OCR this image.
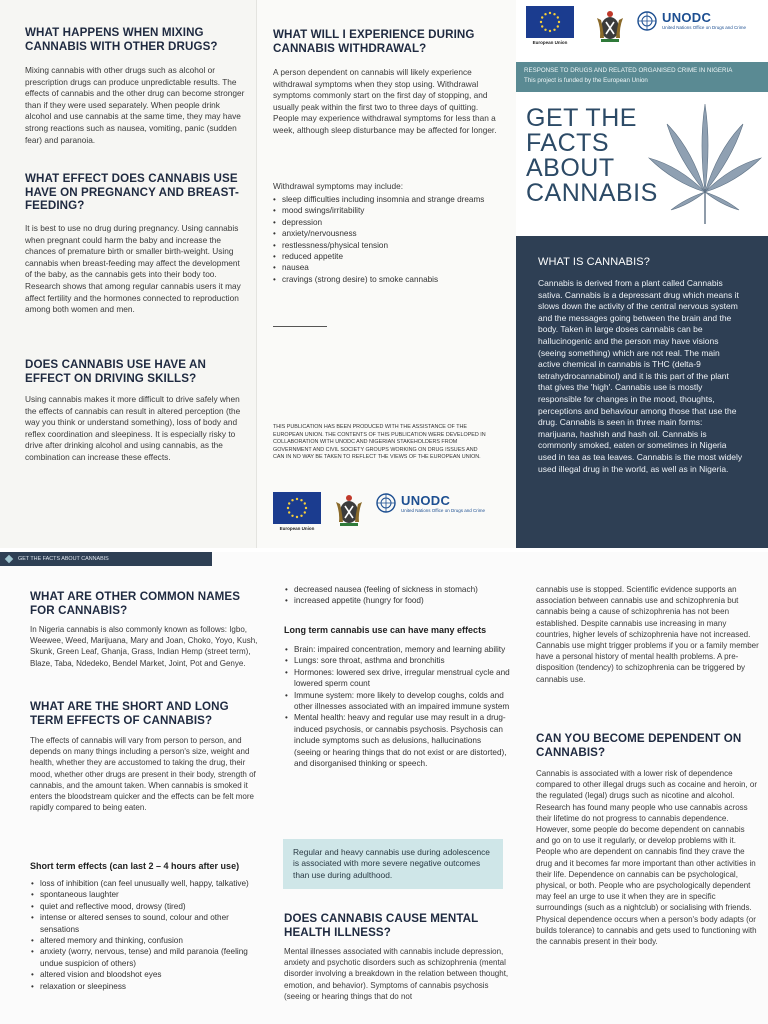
WHAT HAPPENS WHEN MIXING CANNABIS WITH OTHER DRUGS?

Mixing cannabis with other drugs such as alcohol or prescription drugs can produce unpredictable results. The effects of cannabis and the other drug can become stronger than if they were used separately. When people drink alcohol and use cannabis at the same time, they may have strong reactions such as nausea, vomiting, panic (sudden fear) and paranoia.

WHAT EFFECT DOES CANNABIS USE HAVE ON PREGNANCY AND BREAST-FEEDING?

It is best to use no drug during pregnancy. Using cannabis when pregnant could harm the baby and increase the chances of premature birth or smaller birth-weight. Using cannabis when breast-feeding may affect the development of the baby, as the cannabis gets into their body too. Research shows that among regular cannabis users it may affect fertility and the hormones connected to reproduction among both women and men.

DOES CANNABIS USE HAVE AN EFFECT ON DRIVING SKILLS?

Using cannabis makes it more difficult to drive safely when the effects of cannabis can result in altered perception (the way you think or understand something), loss of body and reflex coordination and sleepiness. It is especially risky to drive after drinking alcohol and using cannabis, as the combination can increase these effects.

WHAT WILL I EXPERIENCE DURING CANNABIS WITHDRAWAL?

A person dependent on cannabis will likely experience withdrawal symptoms when they stop using. Withdrawal symptoms commonly start on the first day of stopping, and usually peak within the first two to three days of quitting. People may experience withdrawal symptoms for less than a week, although sleep disturbance may be affected for longer.

Withdrawal symptoms may include:

• sleep difficulties including insomnia and strange dreams
• mood swings/irritability
• depression
• anxiety/nervousness
• restlessness/physical tension
• reduced appetite
• nausea
• cravings (strong desire) to smoke cannabis

THIS PUBLICATION HAS BEEN PRODUCED WITH THE ASSISTANCE OF THE EUROPEAN UNION. THE CONTENTS OF THIS PUBLICATION WERE DEVELOPED IN COLLABORATION WITH UNODC AND NIGERIAN STAKEHOLDERS FROM GOVERNMENT AND CIVIL SOCIETY GROUPS WORKING ON DRUG ISSUES AND CAN IN NO WAY BE TAKEN TO REFLECT THE VIEWS OF THE EUROPEAN UNION.

European Union
UNODC
United Nations Office on Drugs and Crime
European Union
UNODC
United Nations Office on Drugs and Crime
RESPONSE TO DRUGS AND RELATED ORGANISED CRIME IN NIGERIA
This project is funded by the European Union
GET THE
FACTS
ABOUT
CANNABIS
WHAT IS CANNABIS?

Cannabis is derived from a plant called Cannabis sativa. Cannabis is a depressant drug which means it slows down the activity of the central nervous system and the messages going between the brain and the body. Taken in large doses cannabis can be hallucinogenic and the person may have visions (seeing something) which are not real. The main active chemical in cannabis is THC (delta-9 tetrahydrocannabinol) and it is this part of the plant that gives the 'high'. Cannabis use is mostly responsible for changes in the mood, thoughts, perceptions and behaviour among those that use the drug. Cannabis is seen in three main forms: marijuana, hashish and hash oil. Cannabis is commonly smoked, eaten or sometimes in Nigeria used in tea as tea leaves. Cannabis is the most widely used illegal drug in the world, as well as in Nigeria.

GET THE FACTS ABOUT CANNABIS
WHAT ARE OTHER COMMON NAMES FOR CANNABIS?

In Nigeria cannabis is also commonly known as follows: Igbo, Weewee, Weed, Marijuana, Mary and Joan, Choko, Yoyo, Kush, Skunk, Green Leaf, Ghanja, Grass, Indian Hemp (street term), Blaze, Taba, Ndedeko, Bendel Market, Joint, Pot and Genye.

WHAT ARE THE SHORT AND LONG TERM EFFECTS OF CANNABIS?

The effects of cannabis will vary from person to person, and depends on many things including a person's size, weight and health, whether they are accustomed to taking the drug, their mood, whether other drugs are present in their body, strength of cannabis, and the amount taken. When cannabis is smoked it enters the bloodstream quicker and the effects can be felt more rapidly compared to being eaten.

Short term effects (can last 2 – 4 hours after use)
• loss of inhibition (can feel unusually well, happy, talkative)
• spontaneous laughter
• quiet and reflective mood, drowsy (tired)
• intense or altered senses to sound, colour and other sensations
• altered memory and thinking, confusion
• anxiety (worry, nervous, tense) and mild paranoia (feeling undue suspicion of others)
• altered vision and bloodshot eyes
• relaxation or sleepiness
• decreased nausea (feeling of sickness in stomach)
• increased appetite (hungry for food)
Long term cannabis use can have many effects
• Brain: impaired concentration, memory and learning ability
• Lungs: sore throat, asthma and bronchitis
• Hormones: lowered sex drive, irregular menstrual cycle and lowered sperm count
• Immune system: more likely to develop coughs, colds and other illnesses associated with an impaired immune system
• Mental health: heavy and regular use may result in a drug-induced psychosis, or cannabis psychosis. Psychosis can include symptoms such as delusions, hallucinations (seeing or hearing things that do not exist or are distorted), and disorganised thinking or speech.

Regular and heavy cannabis use during adolescence is associated with more severe negative outcomes than use during adulthood.

DOES CANNABIS CAUSE MENTAL HEALTH ILLNESS?

Mental illnesses associated with cannabis include depression, anxiety and psychotic disorders such as schizophrenia (mental disorder involving a breakdown in the relation between thought, emotion, and behavior). Symptoms of cannabis psychosis (seeing or hearing things that do not

cannabis use is stopped. Scientific evidence supports an association between cannabis use and schizophrenia but cannabis being a cause of schizophrenia has not been established. Despite cannabis use increasing in many countries, higher levels of schizophrenia have not increased. Cannabis use might trigger problems if you or a family member have a personal history of mental health problems. A pre-disposition (tendency) to schizophrenia can be triggered by cannabis use.

CAN YOU BECOME DEPENDENT ON CANNABIS?

Cannabis is associated with a lower risk of dependence compared to other illegal drugs such as cocaine and heroin, or the regulated (legal) drugs such as nicotine and alcohol. Research has found many people who use cannabis across their lifetime do not progress to cannabis dependence. However, some people do become dependent on cannabis and go on to use it regularly, or develop problems with it. People who are dependent on cannabis find they crave the drug and it becomes far more important than other activities in their life. Dependence on cannabis can be psychological, physical, or both. People who are psychologically dependent may feel an urge to use it when they are in specific surroundings (such as a nightclub) or socialising with friends. Physical dependence occurs when a person's body adapts (or builds tolerance) to cannabis and gets used to functioning with the cannabis present in their body.
